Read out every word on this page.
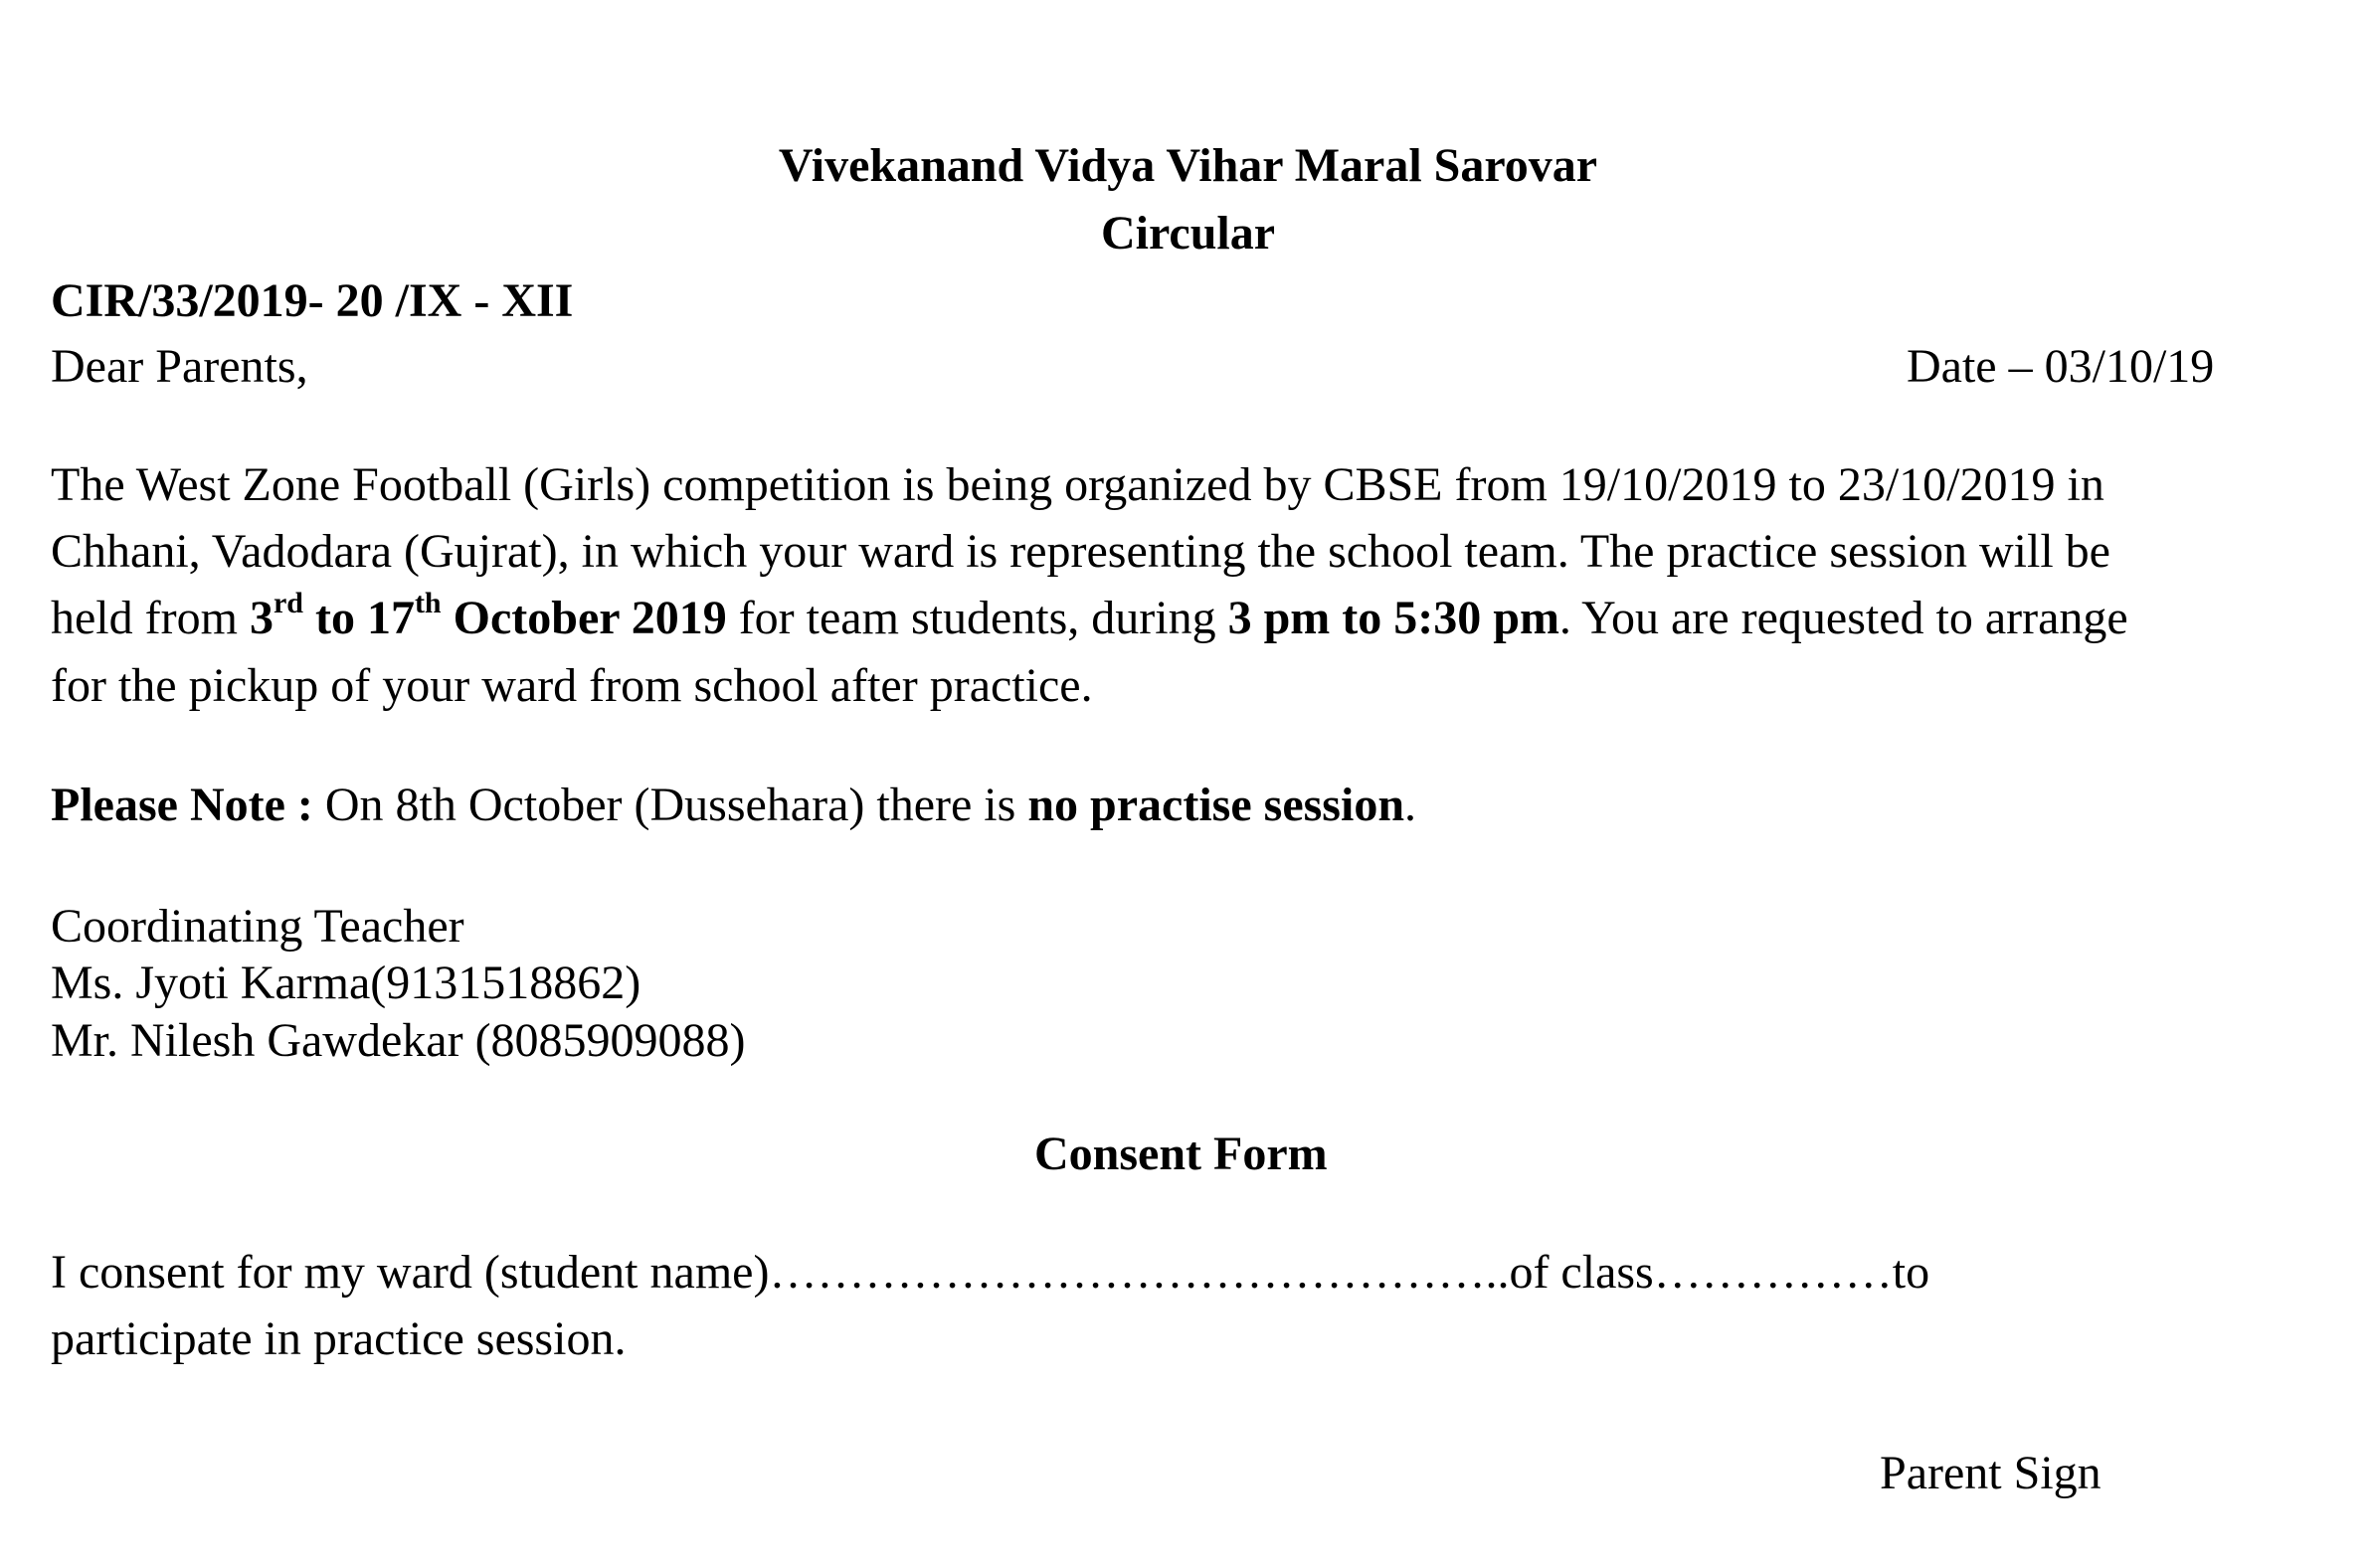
Vivekanand Vidya Vihar Maral Sarovar
Circular
CIR/33/2019- 20 /IX - XII
Dear Parents,	Date – 03/10/19
The West Zone Football (Girls) competition is being organized by CBSE from 19/10/2019 to 23/10/2019 in
Chhani, Vadodara (Gujrat), in which your ward is representing the school team. The practice session will be
held from 3rd to 17th October 2019 for team students, during 3 pm to 5:30 pm. You are requested to arrange
for the pickup of your ward from school after practice.
Please Note : On 8th October (Dussehara) there is no practise session.
Coordinating Teacher
Ms. Jyoti Karma(9131518862)
Mr. Nilesh Gawdekar (8085909088)
Consent Form
I consent for my ward (student name)………………………………………..of class……………to
participate in practice session.
Parent Sign
